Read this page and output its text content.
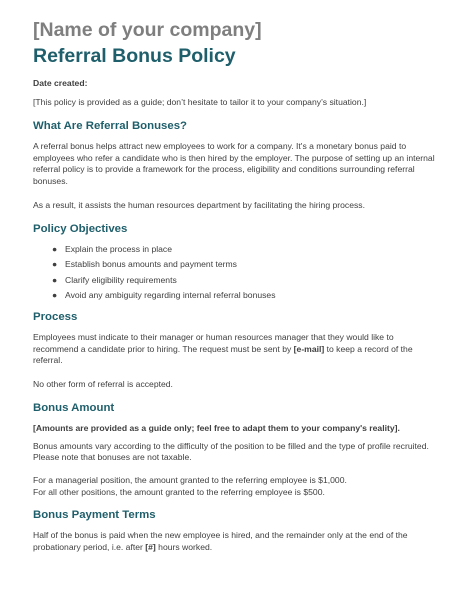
[Name of your company]
Referral Bonus Policy
Date created:
[This policy is provided as a guide; don’t hesitate to tailor it to your company’s situation.]
What Are Referral Bonuses?

A referral bonus helps attract new employees to work for a company. It's a monetary bonus paid to
employees who refer a candidate who is then hired by the employer. The purpose of setting up an internal
referral policy is to provide a framework for the process, eligibility and conditions surrounding referral
bonuses.

As a result, it assists the human resources department by facilitating the hiring process.

Policy Objectives
● Explain the process in place
● Establish bonus amounts and payment terms
● Clarify eligibility requirements
● Avoid any ambiguity regarding internal referral bonuses
Process

Employees must indicate to their manager or human resources manager that they would like to
recommend a candidate prior to hiring. The request must be sent by [e-mail] to keep a record of the
referral.

No other form of referral is accepted.

Bonus Amount

[Amounts are provided as a guide only; feel free to adapt them to your company's reality].

Bonus amounts vary according to the difficulty of the position to be filled and the type of profile recruited.
Please note that bonuses are not taxable.

For a managerial position, the amount granted to the referring employee is $1,000.
For all other positions, the amount granted to the referring employee is $500.

Bonus Payment Terms

Half of the bonus is paid when the new employee is hired, and the remainder only at the end of the
probationary period, i.e. after [#] hours worked.
